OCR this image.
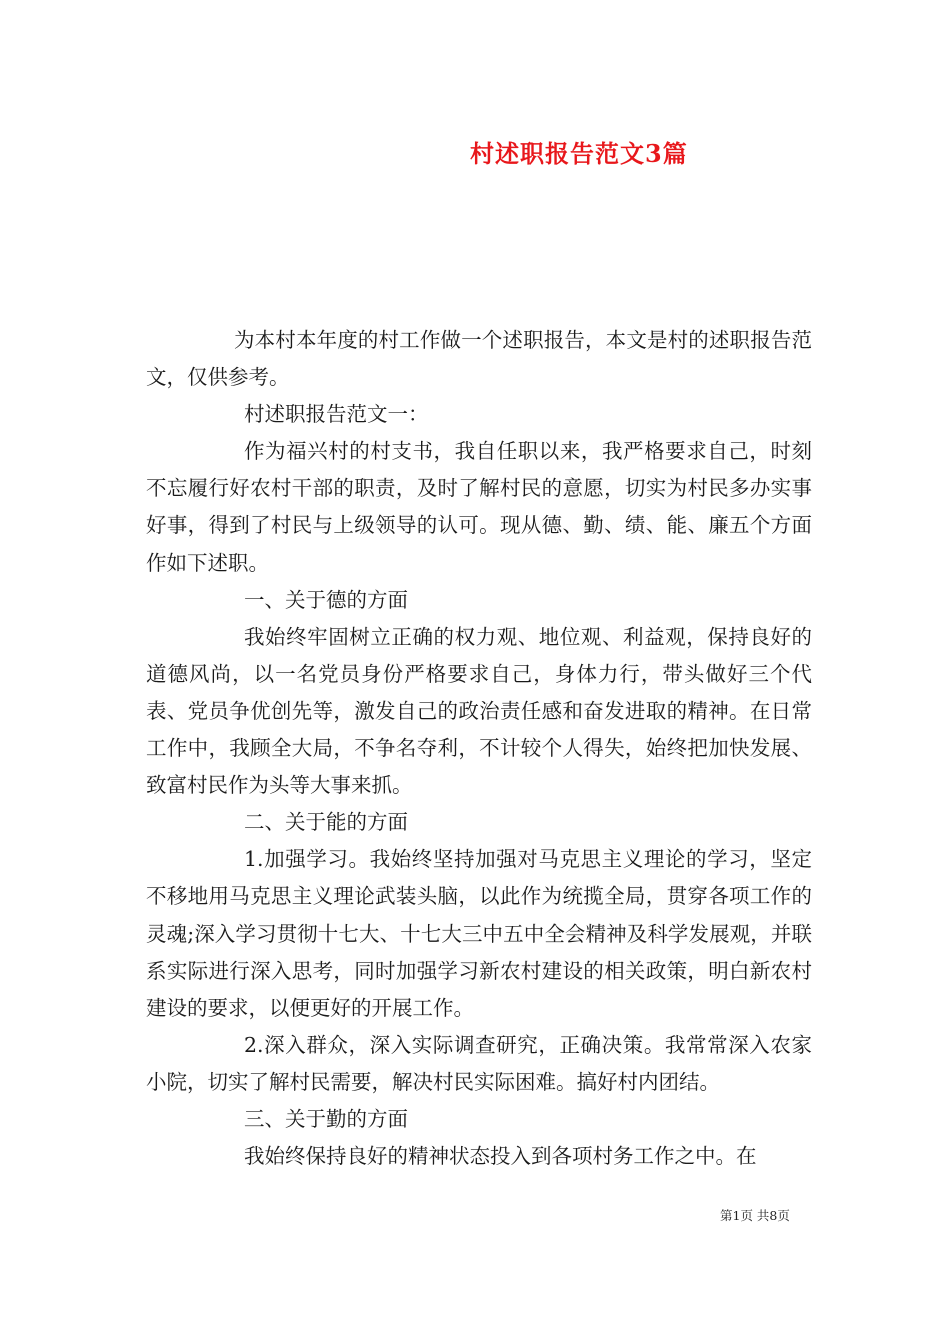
村述职报告范文3篇

为本村本年度的村工作做一个述职报告，本文是村的述职报告范文，仅供参考。

村述职报告范文一：

作为福兴村的村支书，我自任职以来，我严格要求自己，时刻不忘履行好农村干部的职责，及时了解村民的意愿，切实为村民多办实事好事，得到了村民与上级领导的认可。现从德、勤、绩、能、廉五个方面作如下述职。

一、关于德的方面

我始终牢固树立正确的权力观、地位观、利益观，保持良好的道德风尚，以一名党员身份严格要求自己，身体力行，带头做好三个代表、党员争优创先等，激发自己的政治责任感和奋发进取的精神。在日常工作中，我顾全大局，不争名夺利，不计较个人得失，始终把加快发展、致富村民作为头等大事来抓。

二、关于能的方面

1.加强学习。我始终坚持加强对马克思主义理论的学习，坚定不移地用马克思主义理论武装头脑，以此作为统揽全局，贯穿各项工作的灵魂;深入学习贯彻十七大、十七大三中五中全会精神及科学发展观，并联系实际进行深入思考，同时加强学习新农村建设的相关政策，明白新农村建设的要求，以便更好的开展工作。

2.深入群众，深入实际调查研究，正确决策。我常常深入农家小院，切实了解村民需要，解决村民实际困难。搞好村内团结。

三、关于勤的方面

我始终保持良好的精神状态投入到各项村务工作之中。在

第1页 共8页
